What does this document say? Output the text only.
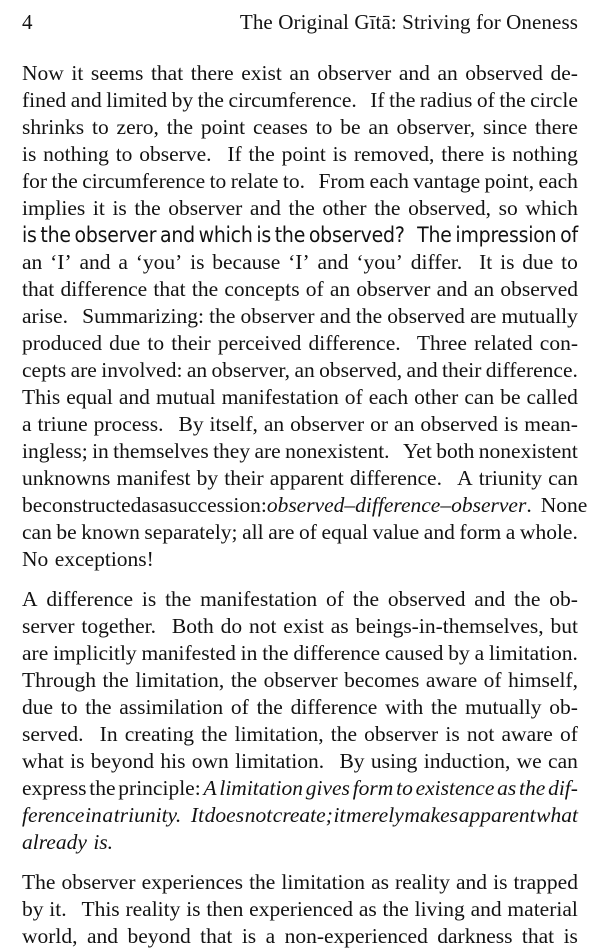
4	The Original Gītā: Striving for Oneness
Now it seems that there exist an observer and an observed de-
fined and limited by the circumference. If the radius of the circle
shrinks to zero, the point ceases to be an observer, since there
is nothing to observe. If the point is removed, there is nothing
for the circumference to relate to. From each vantage point, each
implies it is the observer and the other the observed, so which
is the observer and which is the observed? The impression of
an ‘I’ and a ‘you’ is because ‘I’ and ‘you’ differ. It is due to
that difference that the concepts of an observer and an observed
arise. Summarizing: the observer and the observed are mutually
produced due to their perceived difference. Three related con-
cepts are involved: an observer, an observed, and their difference.
This equal and mutual manifestation of each other can be called
a triune process. By itself, an observer or an observed is mean-
ingless; in themselves they are nonexistent. Yet both nonexistent
unknowns manifest by their apparent difference. A triunity can
be constructed as a succession: observed–difference–observer . None
can be known separately; all are of equal value and form a whole.
No exceptions!
A difference is the manifestation of the observed and the ob-
server together. Both do not exist as beings-in-themselves, but
are implicitly manifested in the difference caused by a limitation.
Through the limitation, the observer becomes aware of himself,
due to the assimilation of the difference with the mutually ob-
served. In creating the limitation, the observer is not aware of
what is beyond his own limitation. By using induction, we can
express the principle: A limitation gives form to existence as the dif-
ference in a triunity. It does not create; it merely makes apparent what
already is.
The observer experiences the limitation as reality and is trapped
by it. This reality is then experienced as the living and material
world, and beyond that is a non-experienced darkness that is
